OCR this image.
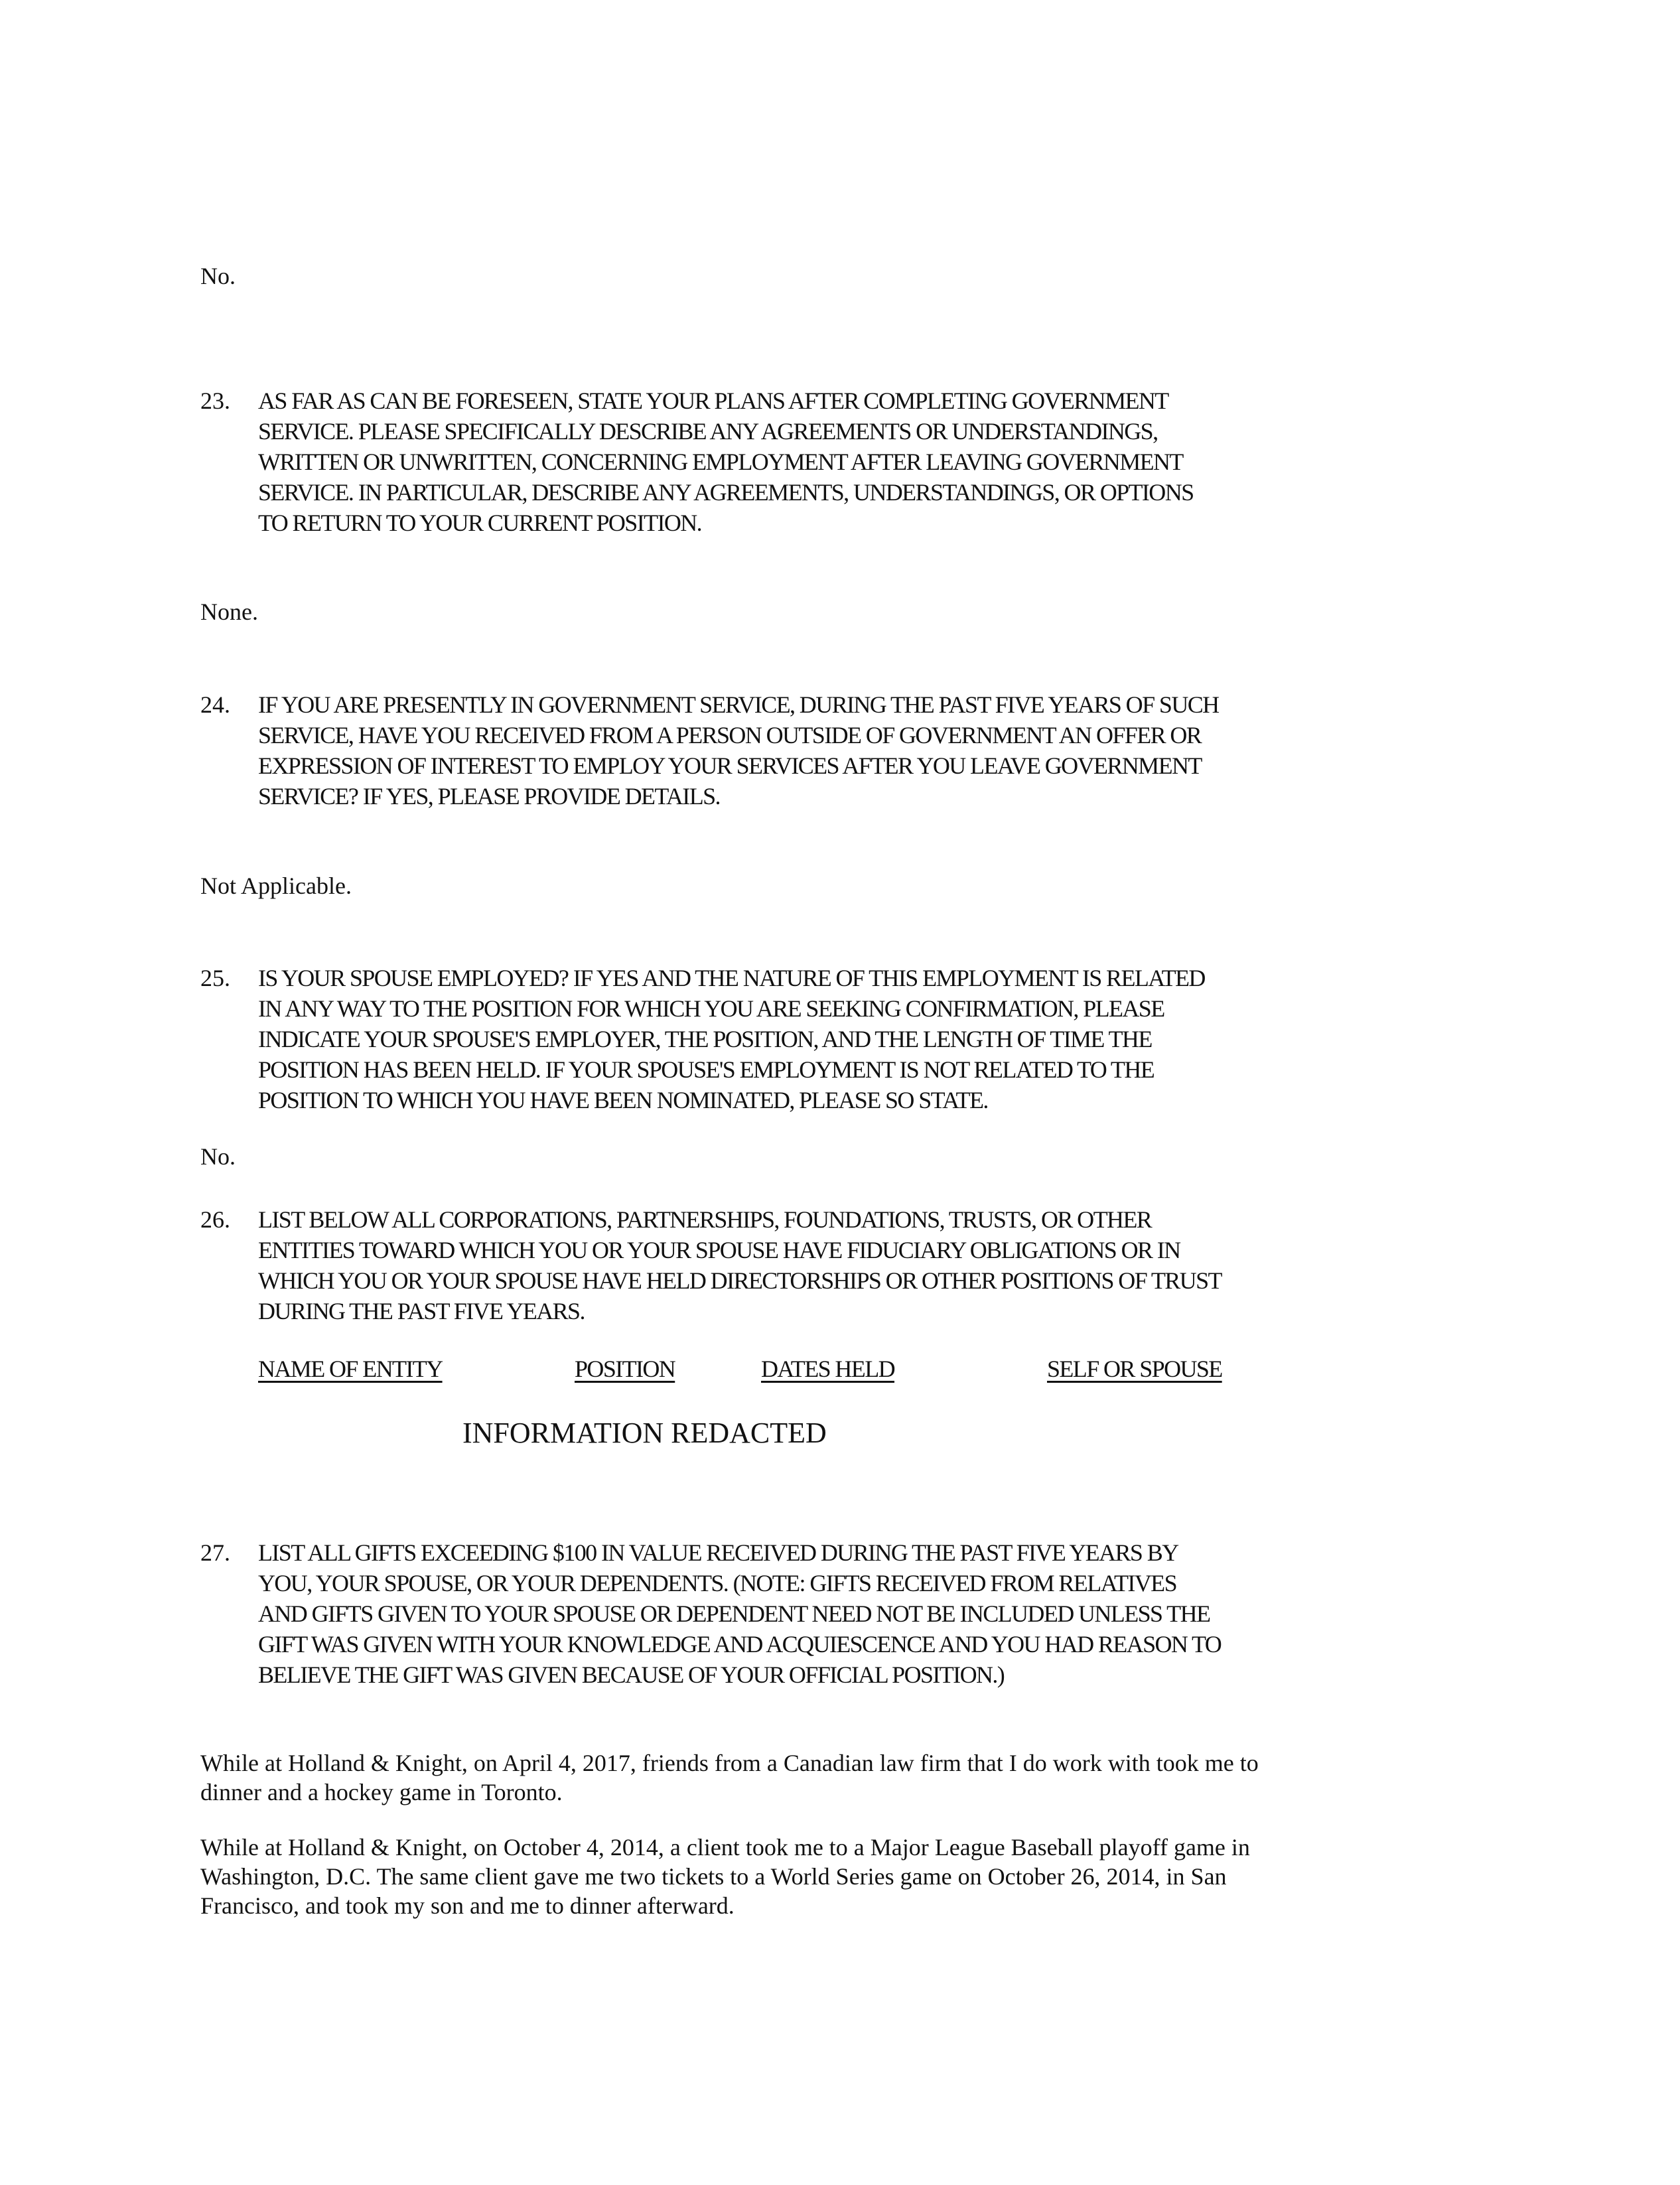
No.
23. AS FAR AS CAN BE FORESEEN, STATE YOUR PLANS AFTER COMPLETING GOVERNMENT
SERVICE. PLEASE SPECIFICALLY DESCRIBE ANY AGREEMENTS OR UNDERSTANDINGS,
WRITTEN OR UNWRITTEN, CONCERNING EMPLOYMENT AFTER LEAVING GOVERNMENT
SERVICE. IN PARTICULAR, DESCRIBE ANY AGREEMENTS, UNDERSTANDINGS, OR OPTIONS
TO RETURN TO YOUR CURRENT POSITION.
None.
24. IF YOU ARE PRESENTLY IN GOVERNMENT SERVICE, DURING THE PAST FIVE YEARS OF SUCH
SERVICE, HAVE YOU RECEIVED FROM A PERSON OUTSIDE OF GOVERNMENT AN OFFER OR
EXPRESSION OF INTEREST TO EMPLOY YOUR SERVICES AFTER YOU LEAVE GOVERNMENT
SERVICE? IF YES, PLEASE PROVIDE DETAILS.
Not Applicable.
25. IS YOUR SPOUSE EMPLOYED? IF YES AND THE NATURE OF THIS EMPLOYMENT IS RELATED
IN ANY WAY TO THE POSITION FOR WHICH YOU ARE SEEKING CONFIRMATION, PLEASE
INDICATE YOUR SPOUSE'S EMPLOYER, THE POSITION, AND THE LENGTH OF TIME THE
POSITION HAS BEEN HELD. IF YOUR SPOUSE'S EMPLOYMENT IS NOT RELATED TO THE
POSITION TO WHICH YOU HAVE BEEN NOMINATED, PLEASE SO STATE.
No.
26. LIST BELOW ALL CORPORATIONS, PARTNERSHIPS, FOUNDATIONS, TRUSTS, OR OTHER
ENTITIES TOWARD WHICH YOU OR YOUR SPOUSE HAVE FIDUCIARY OBLIGATIONS OR IN
WHICH YOU OR YOUR SPOUSE HAVE HELD DIRECTORSHIPS OR OTHER POSITIONS OF TRUST
DURING THE PAST FIVE YEARS.
NAME OF ENTITY	POSITION	DATES HELD	SELF OR SPOUSE
INFORMATION REDACTED
27. LIST ALL GIFTS EXCEEDING $100 IN VALUE RECEIVED DURING THE PAST FIVE YEARS BY
YOU, YOUR SPOUSE, OR YOUR DEPENDENTS. (NOTE: GIFTS RECEIVED FROM RELATIVES
AND GIFTS GIVEN TO YOUR SPOUSE OR DEPENDENT NEED NOT BE INCLUDED UNLESS THE
GIFT WAS GIVEN WITH YOUR KNOWLEDGE AND ACQUIESCENCE AND YOU HAD REASON TO
BELIEVE THE GIFT WAS GIVEN BECAUSE OF YOUR OFFICIAL POSITION.)
While at Holland & Knight, on April 4, 2017, friends from a Canadian law firm that I do work with took me to
dinner and a hockey game in Toronto.
While at Holland & Knight, on October 4, 2014, a client took me to a Major League Baseball playoff game in
Washington, D.C. The same client gave me two tickets to a World Series game on October 26, 2014, in San
Francisco, and took my son and me to dinner afterward.
